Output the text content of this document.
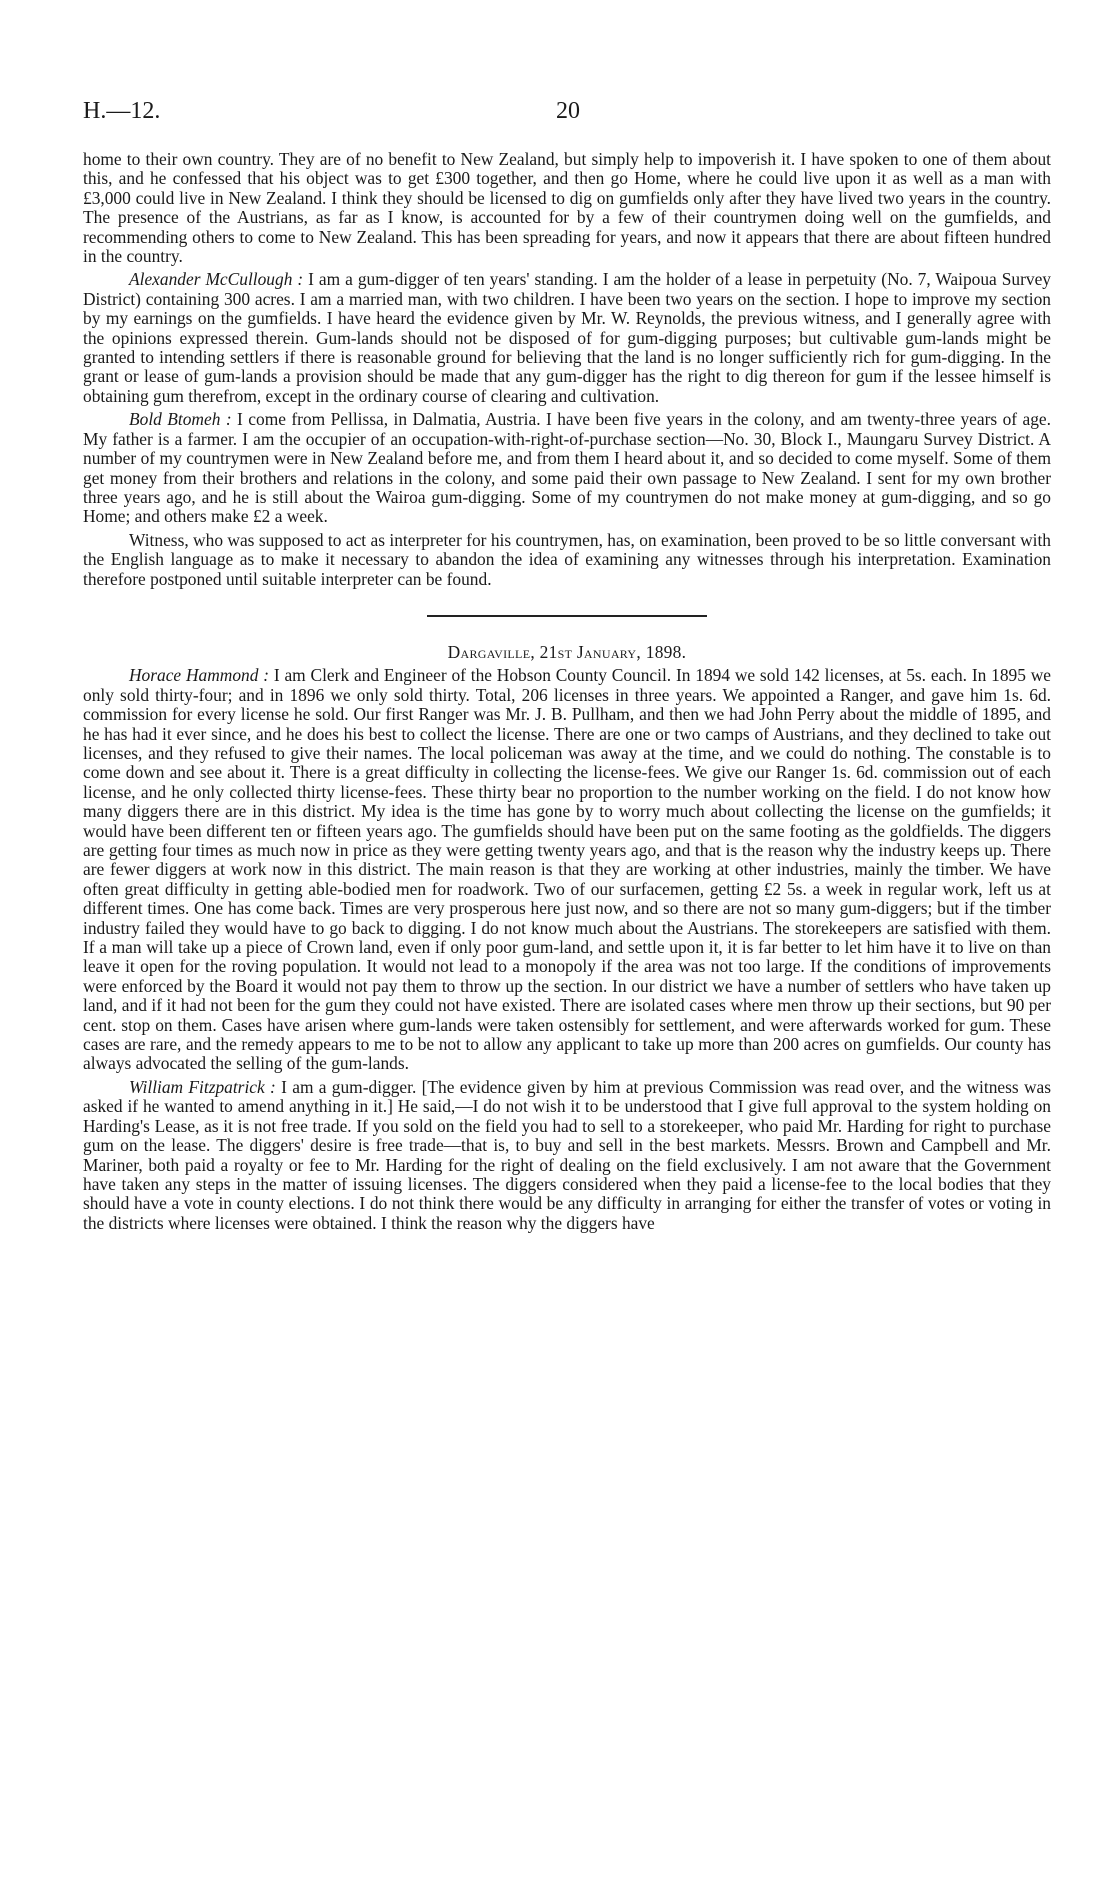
H.—12.	20

home to their own country. They are of no benefit to New Zealand, but simply help to impoverish it. I have spoken to one of them about this, and he confessed that his object was to get £300 together, and then go Home, where he could live upon it as well as a man with £3,000 could live in New Zealand. I think they should be licensed to dig on gumfields only after they have lived two years in the country. The presence of the Austrians, as far as I know, is accounted for by a few of their countrymen doing well on the gumfields, and recommending others to come to New Zealand. This has been spreading for years, and now it appears that there are about fifteen hundred in the country.

Alexander McCullough : I am a gum-digger of ten years' standing. I am the holder of a lease in perpetuity (No. 7, Waipoua Survey District) containing 300 acres. I am a married man, with two children. I have been two years on the section. I hope to improve my section by my earnings on the gumfields. I have heard the evidence given by Mr. W. Reynolds, the previous witness, and I generally agree with the opinions expressed therein. Gum-lands should not be disposed of for gum-digging purposes; but cultivable gum-lands might be granted to intending settlers if there is reasonable ground for believing that the land is no longer sufficiently rich for gum-digging. In the grant or lease of gum-lands a provision should be made that any gum-digger has the right to dig thereon for gum if the lessee himself is obtaining gum therefrom, except in the ordinary course of clearing and cultivation.

Bold Btomeh : I come from Pellissa, in Dalmatia, Austria. I have been five years in the colony, and am twenty-three years of age. My father is a farmer. I am the occupier of an occupation-with-right-of-purchase section—No. 30, Block I., Maungaru Survey District. A number of my countrymen were in New Zealand before me, and from them I heard about it, and so decided to come myself. Some of them get money from their brothers and relations in the colony, and some paid their own passage to New Zealand. I sent for my own brother three years ago, and he is still about the Wairoa gum-digging. Some of my countrymen do not make money at gum-digging, and so go Home; and others make £2 a week.

Witness, who was supposed to act as interpreter for his countrymen, has, on examination, been proved to be so little conversant with the English language as to make it necessary to abandon the idea of examining any witnesses through his interpretation. Examination therefore postponed until suitable interpreter can be found.

Dargaville, 21st January, 1898.

Horace Hammond : I am Clerk and Engineer of the Hobson County Council. In 1894 we sold 142 licenses, at 5s. each. In 1895 we only sold thirty-four; and in 1896 we only sold thirty. Total, 206 licenses in three years. We appointed a Ranger, and gave him 1s. 6d. commission for every license he sold. Our first Ranger was Mr. J. B. Pullham, and then we had John Perry about the middle of 1895, and he has had it ever since, and he does his best to collect the license. There are one or two camps of Austrians, and they declined to take out licenses, and they refused to give their names. The local policeman was away at the time, and we could do nothing. The constable is to come down and see about it. There is a great difficulty in collecting the license-fees. We give our Ranger 1s. 6d. commission out of each license, and he only collected thirty license-fees. These thirty bear no proportion to the number working on the field. I do not know how many diggers there are in this district. My idea is the time has gone by to worry much about collecting the license on the gumfields; it would have been different ten or fifteen years ago. The gumfields should have been put on the same footing as the goldfields. The diggers are getting four times as much now in price as they were getting twenty years ago, and that is the reason why the industry keeps up. There are fewer diggers at work now in this district. The main reason is that they are working at other industries, mainly the timber. We have often great difficulty in getting able-bodied men for roadwork. Two of our surfacemen, getting £2 5s. a week in regular work, left us at different times. One has come back. Times are very prosperous here just now, and so there are not so many gum-diggers; but if the timber industry failed they would have to go back to digging. I do not know much about the Austrians. The storekeepers are satisfied with them. If a man will take up a piece of Crown land, even if only poor gum-land, and settle upon it, it is far better to let him have it to live on than leave it open for the roving population. It would not lead to a monopoly if the area was not too large. If the conditions of improvements were enforced by the Board it would not pay them to throw up the section. In our district we have a number of settlers who have taken up land, and if it had not been for the gum they could not have existed. There are isolated cases where men throw up their sections, but 90 per cent. stop on them. Cases have arisen where gum-lands were taken ostensibly for settlement, and were afterwards worked for gum. These cases are rare, and the remedy appears to me to be not to allow any applicant to take up more than 200 acres on gumfields. Our county has always advocated the selling of the gum-lands.

William Fitzpatrick : I am a gum-digger. [The evidence given by him at previous Commission was read over, and the witness was asked if he wanted to amend anything in it.] He said,—I do not wish it to be understood that I give full approval to the system holding on Harding's Lease, as it is not free trade. If you sold on the field you had to sell to a storekeeper, who paid Mr. Harding for right to purchase gum on the lease. The diggers' desire is free trade—that is, to buy and sell in the best markets. Messrs. Brown and Campbell and Mr. Mariner, both paid a royalty or fee to Mr. Harding for the right of dealing on the field exclusively. I am not aware that the Government have taken any steps in the matter of issuing licenses. The diggers considered when they paid a license-fee to the local bodies that they should have a vote in county elections. I do not think there would be any difficulty in arranging for either the transfer of votes or voting in the districts where licenses were obtained. I think the reason why the diggers have
